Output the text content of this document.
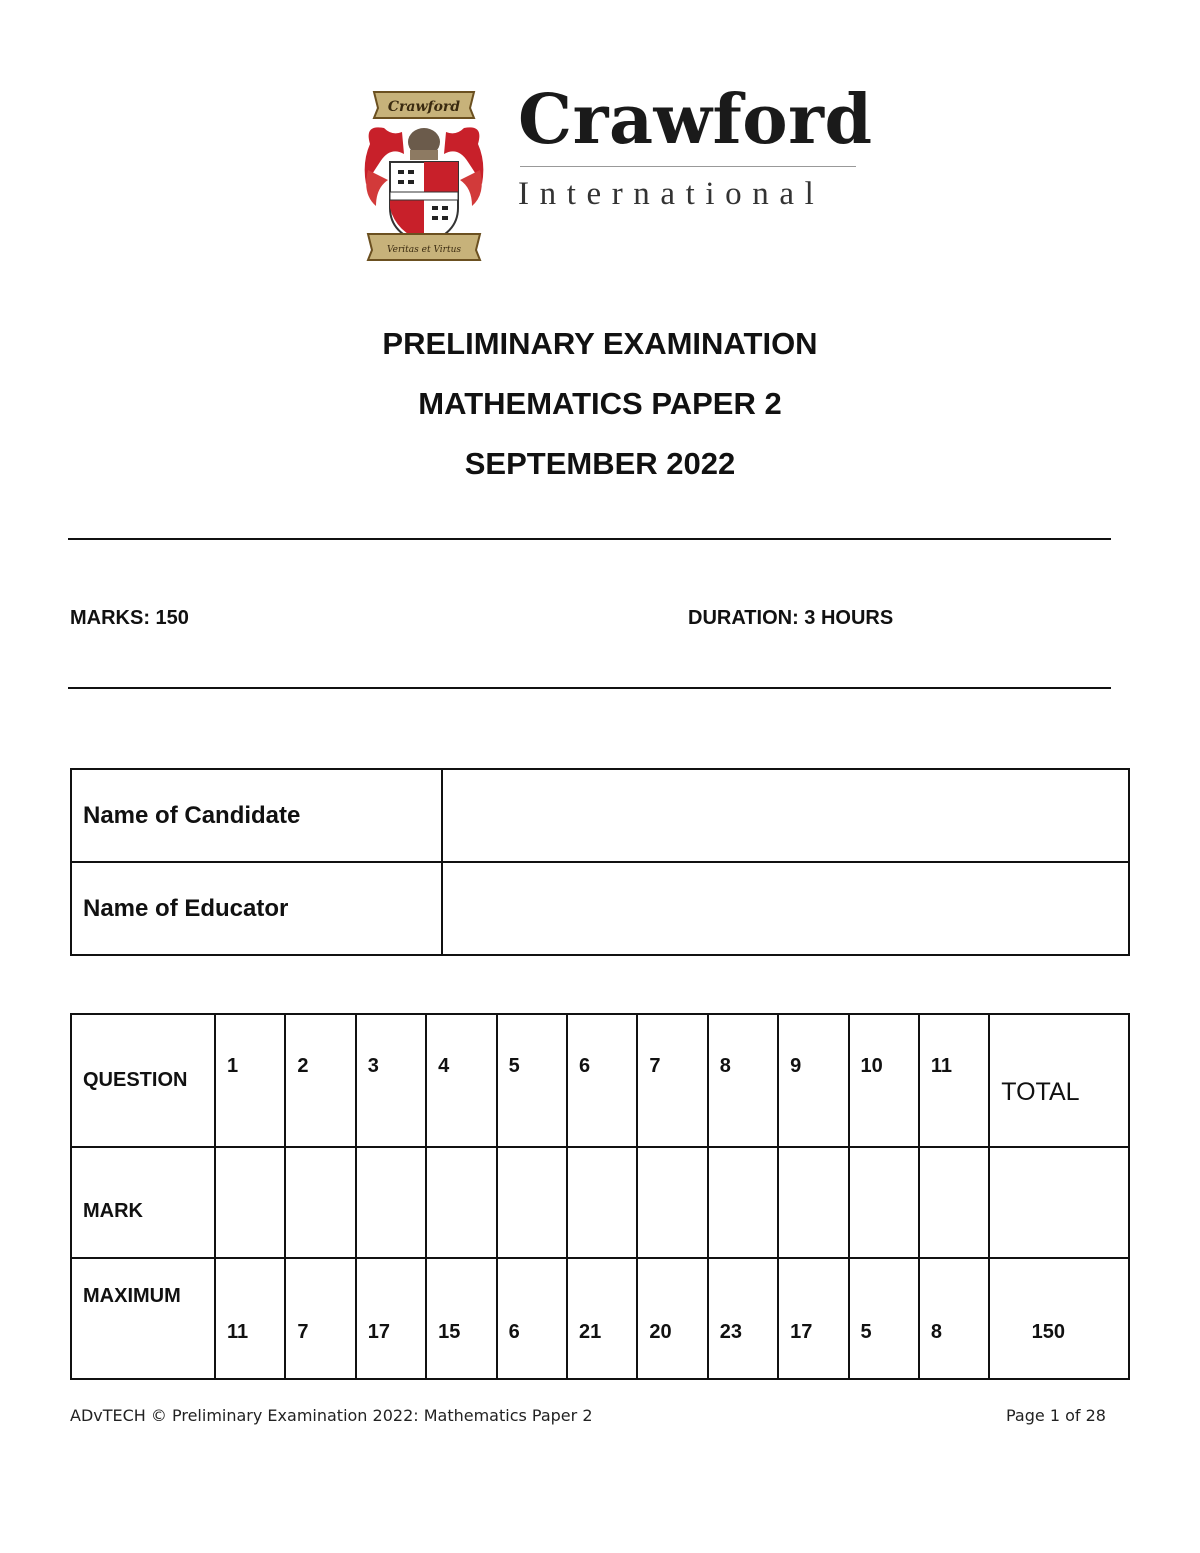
Crawford
Veritas et Virtus
Crawford
International
PRELIMINARY EXAMINATION
MATHEMATICS PAPER 2
SEPTEMBER 2022
MARKS: 150	DURATION: 3 HOURS
Name of Candidate	
Name of Educator	
QUESTION	1	2	3	4	5	6	7	8	9	10	11	TOTAL
MARK												
MAXIMUM	11	7	17	15	6	21	20	23	17	5	8	150
ADvTECH © Preliminary Examination 2022: Mathematics Paper 2	Page 1 of 28
